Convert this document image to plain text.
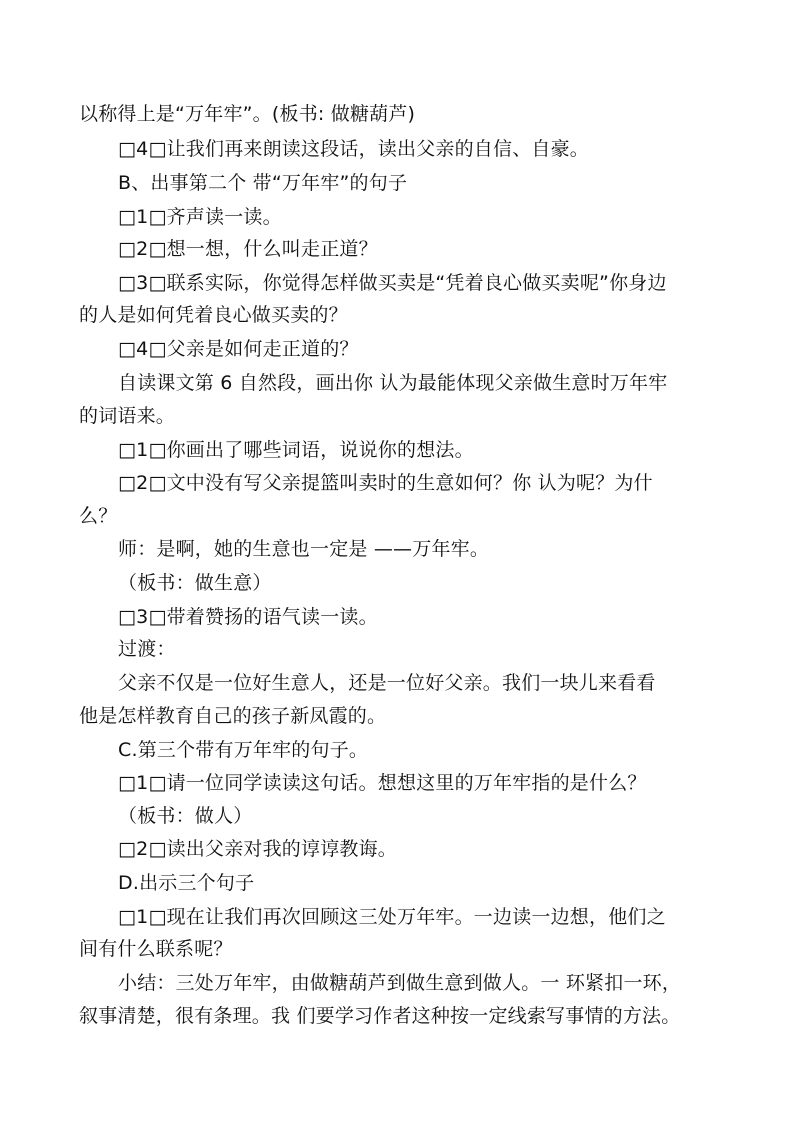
以称得上是“万年牢”。(板书: 做糖葫芦)
□4□让我们再来朗读这段话，读出父亲的自信、自豪。
B、出事第二个 带“万年牢”的句子
□1□齐声读一读。
□2□想一想，什么叫走正道？
□3□联系实际，你觉得怎样做买卖是“凭着良心做买卖呢”你身边
的人是如何凭着良心做买卖的？
□4□父亲是如何走正道的？
自读课文第 6 自然段，画出你 认为最能体现父亲做生意时万年牢
的词语来。
□1□你画出了哪些词语，说说你的想法。
□2□文中没有写父亲提篮叫卖时的生意如何？你 认为呢？为什
么？
师：是啊，她的生意也一定是 ——万年牢。
（板书：做生意）
□3□带着赞扬的语气读一读。
过渡：
父亲不仅是一位好生意人，还是一位好父亲。我们一块儿来看看
他是怎样教育自己的孩子新凤霞的。
C.第三个带有万年牢的句子。
□1□请一位同学读读这句话。想想这里的万年牢指的是什么？
（板书：做人）
□2□读出父亲对我的谆谆教诲。
D.出示三个句子
□1□现在让我们再次回顾这三处万年牢。一边读一边想，他们之
间有什么联系呢？
小结：三处万年牢，由做糖葫芦到做生意到做人。一 环紧扣一环，
叙事清楚，很有条理。我 们要学习作者这种按一定线索写事情的方法。
